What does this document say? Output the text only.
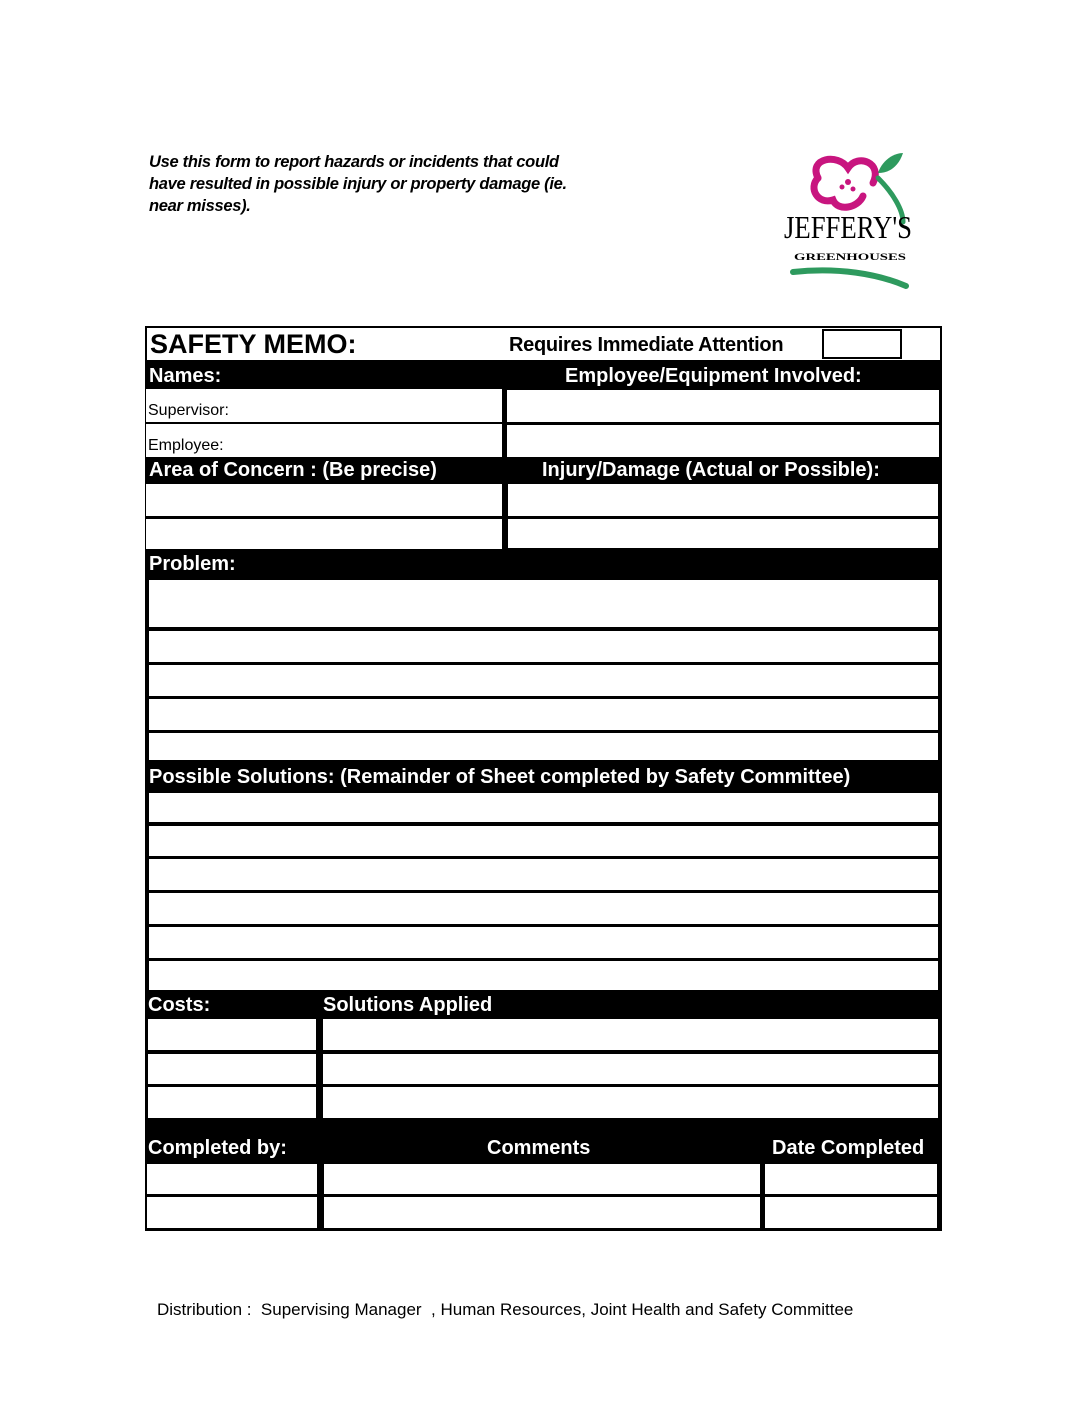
Use this form to report hazards or incidents that could have resulted in possible injury or property damage (ie. near misses).
JEFFERY'S
GREENHOUSES
SAFETY MEMO:	Requires Immediate Attention
Names:	Employee/Equipment Involved:
Supervisor:
Employee:
Area of Concern : (Be precise)	Injury/Damage (Actual or Possible):
Problem:
Possible Solutions: (Remainder of Sheet completed by Safety Committee)
Costs:	Solutions Applied
Completed by:	Comments	Date Completed
Distribution :  Supervising Manager  , Human Resources, Joint Health and Safety Committee
